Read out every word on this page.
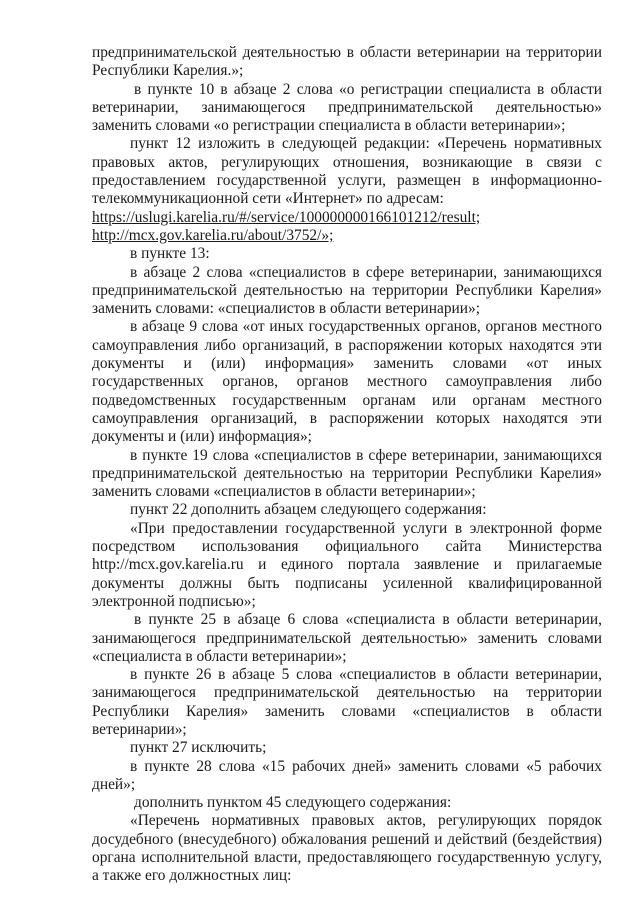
предпринимательской деятельностью в области ветеринарии на территории Республики Карелия.»;

в пункте 10 в абзаце 2 слова «о регистрации специалиста в области ветеринарии, занимающегося предпринимательской деятельностью» заменить словами «о регистрации специалиста в области ветеринарии»;

пункт 12 изложить в следующей редакции: «Перечень нормативных правовых актов, регулирующих отношения, возникающие в связи с предоставлением государственной услуги, размещен в информационно-телекоммуникационной сети «Интернет» по адресам:

https://uslugi.karelia.ru/#/service/100000000166101212/result;

http://mcx.gov.karelia.ru/about/3752/»;

в пункте 13:

в абзаце 2 слова «специалистов в сфере ветеринарии, занимающихся предпринимательской деятельностью на территории Республики Карелия» заменить словами: «специалистов в области ветеринарии»;

в абзаце 9 слова «от иных государственных органов, органов местного самоуправления либо организаций, в распоряжении которых находятся эти документы и (или) информация» заменить словами «от иных государственных органов, органов местного самоуправления либо подведомственных государственным органам или органам местного самоуправления организаций, в распоряжении которых находятся эти документы и (или) информация»;

в пункте 19 слова «специалистов в сфере ветеринарии, занимающихся предпринимательской деятельностью на территории Республики Карелия» заменить словами «специалистов в области ветеринарии»;

пункт 22 дополнить абзацем следующего содержания:

«При предоставлении государственной услуги в электронной форме посредством использования официального сайта Министерства http://mcx.gov.karelia.ru и единого портала заявление и прилагаемые документы должны быть подписаны усиленной квалифицированной электронной подписью»;

в пункте 25 в абзаце 6 слова «специалиста в области ветеринарии, занимающегося предпринимательской деятельностью» заменить словами «специалиста в области ветеринарии»;

в пункте 26 в абзаце 5 слова «специалистов в области ветеринарии, занимающегося предпринимательской деятельностью на территории Республики Карелия» заменить словами «специалистов в области ветеринарии»;

пункт 27 исключить;

в пункте 28 слова «15 рабочих дней» заменить словами «5 рабочих дней»;

дополнить пунктом 45 следующего содержания:

«Перечень нормативных правовых актов, регулирующих порядок досудебного (внесудебного) обжалования решений и действий (бездействия) органа исполнительной власти, предоставляющего государственную услугу, а также его должностных лиц:
